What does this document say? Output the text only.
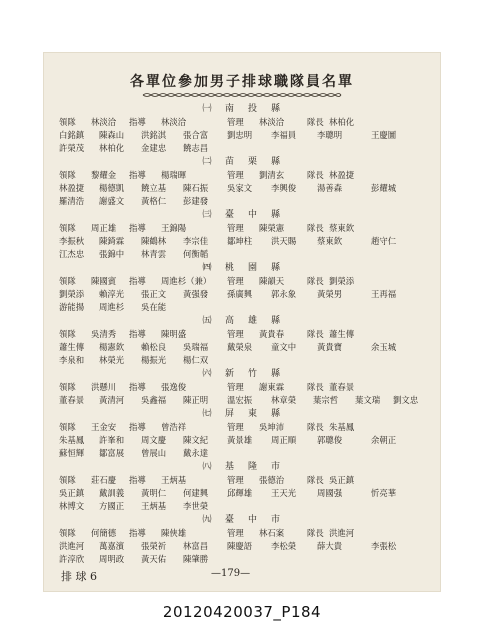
各單位參加男子排球職隊員名單
㈠ 南 投 縣
領隊 林淡洽 指導 林淡洽	管理 林淡洽	隊長 林柏化
白銘鎮 陳森山 洪銘淇 張合富 劉忠明 李福員 李聰明	王慶圖
許榮茂 林柏化 金建忠 饒志昌
㈡ 苗 栗 縣
領隊 黎耀金 指導 楊瑞暉	管理 劉清玄	隊長 林盈捷
林盈捷 楊德凱 饒立基 陳石振 吳家文 李興俊 湯善森	彭耀城
羅清浩 謝盛文 黃格仁 彭建發
㈢ 臺 中 縣
領隊 周正雄 指導 王錦陽	管理 陳榮憲	隊長 蔡東欽
李振秋 陳錡霖 陳鶴林 李宗佳 鄒坤柱 洪天賜 蔡東欽	趙守仁
江杰忠 張錦中 林青雲 何衡韜
㈣ 桃 園 縣
領隊 陳國賓 指導 周進杉（兼） 管理 陳韻天	隊長 劉榮添
劉榮添 賴淳光 張正文 黃强發 孫廣興 郭永象 黃榮男	王再福
游能揚 周進杉 吳在能
㈤ 高 雄 縣
領隊 吳清秀 指導 陳明盛	管理 黃貴春	隊長 蕭生傳
蕭生傳 楊憲欽 賴松良 吳瑞福 戴榮泉 童文中 黃貴寶	余玉城
李泉和 林榮光 楊振光 楊仁双
㈥ 新 竹 縣
領隊 洪懸川 指導 張逸俊	管理 謝東霖	隊長 董春景
董春景 黃清河 吳鑫福 陳正明 溫宏振 林章榮 葉宗哲 葉文瑞 劉文忠
㈦ 屏 東 縣
領隊 王金安 指導 曾浩祥	管理 吳坤沛	隊長 朱基鳳
朱基鳳 許峯和 周文慶 陳文紀 黃景雄 周正順 郭聰俊	余朝正
蘇恒輝 鄒富展 曾展山 戴永達
㈧ 基 隆 市
領隊 莊石慶 指導 王炳基	管理 張德治	隊長 吳正鎮
吳正鎮 戴訓義 黃明仁 何建興 邱輝雄 王天光 周國强	忻亮華
林博文 方國正 王炳基 李世榮
㈨ 臺 中 市
領隊 何簡德 指導 陳俠雄	管理 林石案	隊長 洪進河
洪進河 萬嘉濱 張榮祈 林富昌 陳慶語 李松榮 薛大貴	李張松
許淳欣 周明政 黃天佑 陳肇勝
排 球 6	—179—
20120420037_P184
